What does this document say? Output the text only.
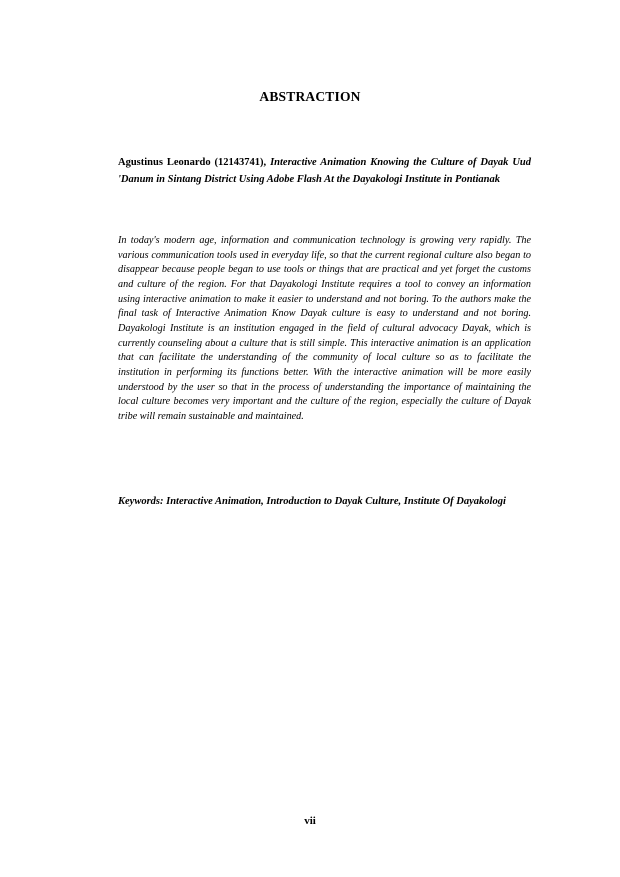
ABSTRACTION
Agustinus Leonardo (12143741), Interactive Animation Knowing the Culture of Dayak Uud 'Danum in Sintang District Using Adobe Flash At the Dayakologi Institute in Pontianak
In today's modern age, information and communication technology is growing very rapidly. The various communication tools used in everyday life, so that the current regional culture also began to disappear because people began to use tools or things that are practical and yet forget the customs and culture of the region. For that Dayakologi Institute requires a tool to convey an information using interactive animation to make it easier to understand and not boring. To the authors make the final task of Interactive Animation Know Dayak culture is easy to understand and not boring. Dayakologi Institute is an institution engaged in the field of cultural advocacy Dayak, which is currently counseling about a culture that is still simple. This interactive animation is an application that can facilitate the understanding of the community of local culture so as to facilitate the institution in performing its functions better. With the interactive animation will be more easily understood by the user so that in the process of understanding the importance of maintaining the local culture becomes very important and the culture of the region, especially the culture of Dayak tribe will remain sustainable and maintained.
Keywords: Interactive Animation, Introduction to Dayak Culture, Institute Of Dayakologi
vii
